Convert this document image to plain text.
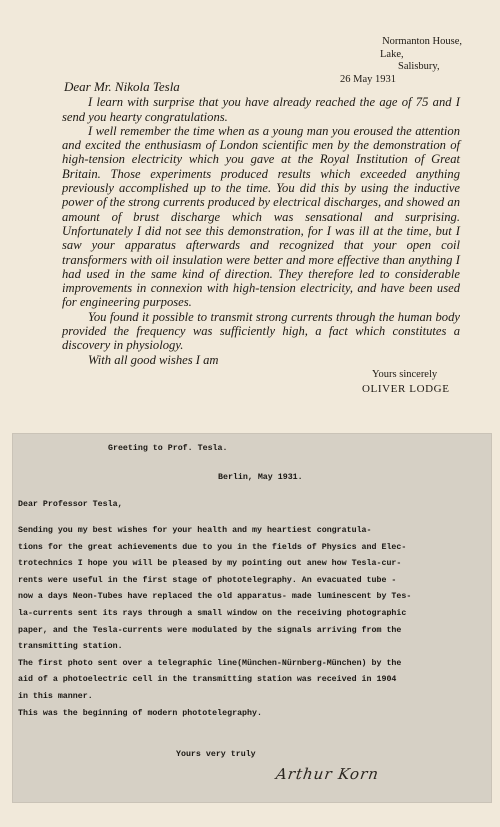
Normanton House,
Lake,
Salisbury,
26 May 1931

Dear Mr. Nikola Tesla

I learn with surprise that you have already reached the age of 75 and I send you hearty congratulations.

I well remember the time when as a young man you eroused the attention and excited the enthusiasm of London scientific men by the demonstration of high-tension electricity which you gave at the Royal Institution of Great Britain. Those experiments produced results which exceeded anything previously accomplished up to the time. You did this by using the inductive power of the strong currents produced by electrical discharges, and showed an amount of brust discharge which was sensational and surprising. Unfortunately I did not see this demonstration, for I was ill at the time, but I saw your apparatus afterwards and recognized that your open coil transformers with oil insulation were better and more effective than anything I had used in the same kind of direction. They therefore led to considerable improvements in connexion with high-tension electricity, and have been used for engineering purposes.

You found it possible to transmit strong currents through the human body provided the frequency was sufficiently high, a fact which constitutes a discovery in physiology.

With all good wishes I am

Yours sincerely
OLIVER LODGE
Greeting to Prof. Tesla.
Berlin, May 1931.
Dear Professor Tesla,
Sending you my best wishes for your health and my heartiest congratula-
tions for the great achievements due to you in the fields of Physics and Elec-
trotechnics I hope you will be pleased by my pointing out anew how Tesla-cur-
rents were useful in the first stage of phototelegraphy. An evacuated tube -
now a days Neon-Tubes have replaced the old apparatus- made luminescent by Tes-
la-currents sent its rays through a small window on the receiving photographic
paper, and the Tesla-currents were modulated by the signals arriving from the
transmitting station.
The first photo sent over a telegraphic line(München-Nürnberg-München) by the
aid of a photoelectric cell in the transmitting station was received in 1904
in this manner.
This was the beginning of modern phototelegraphy.
Yours very truly
Arthur Korn
